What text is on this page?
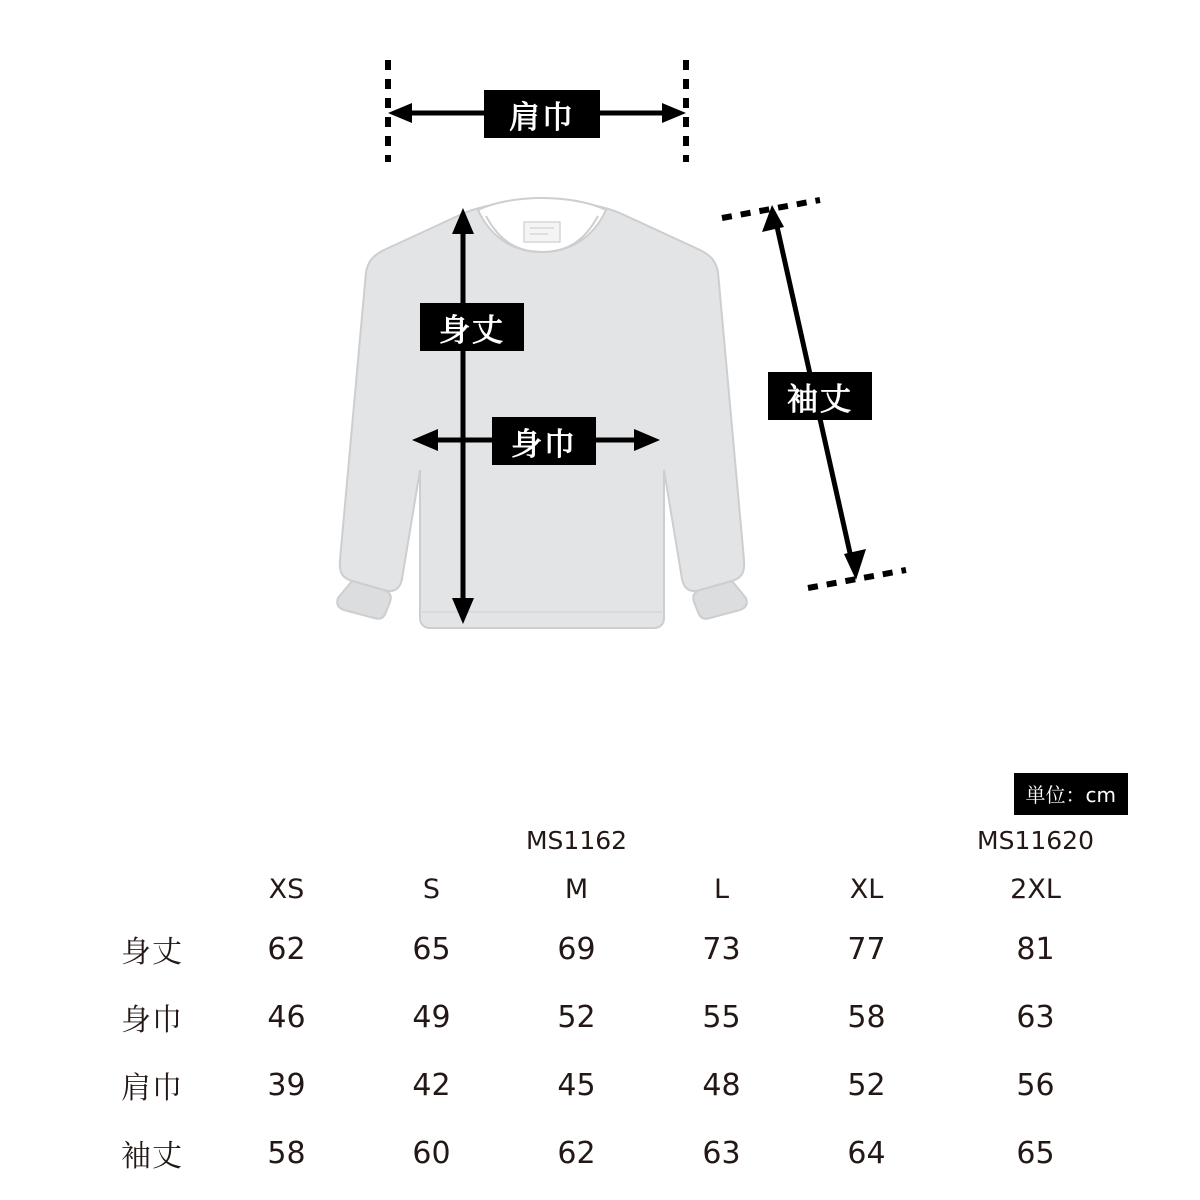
肩巾
身丈
身巾
袖丈
単位：cm
	MS1162					MS11620
	XS	S	M	L	XL	2XL
身丈	62	65	69	73	77	81
身巾	46	49	52	55	58	63
肩巾	39	42	45	48	52	56
袖丈	58	60	62	63	64	65
